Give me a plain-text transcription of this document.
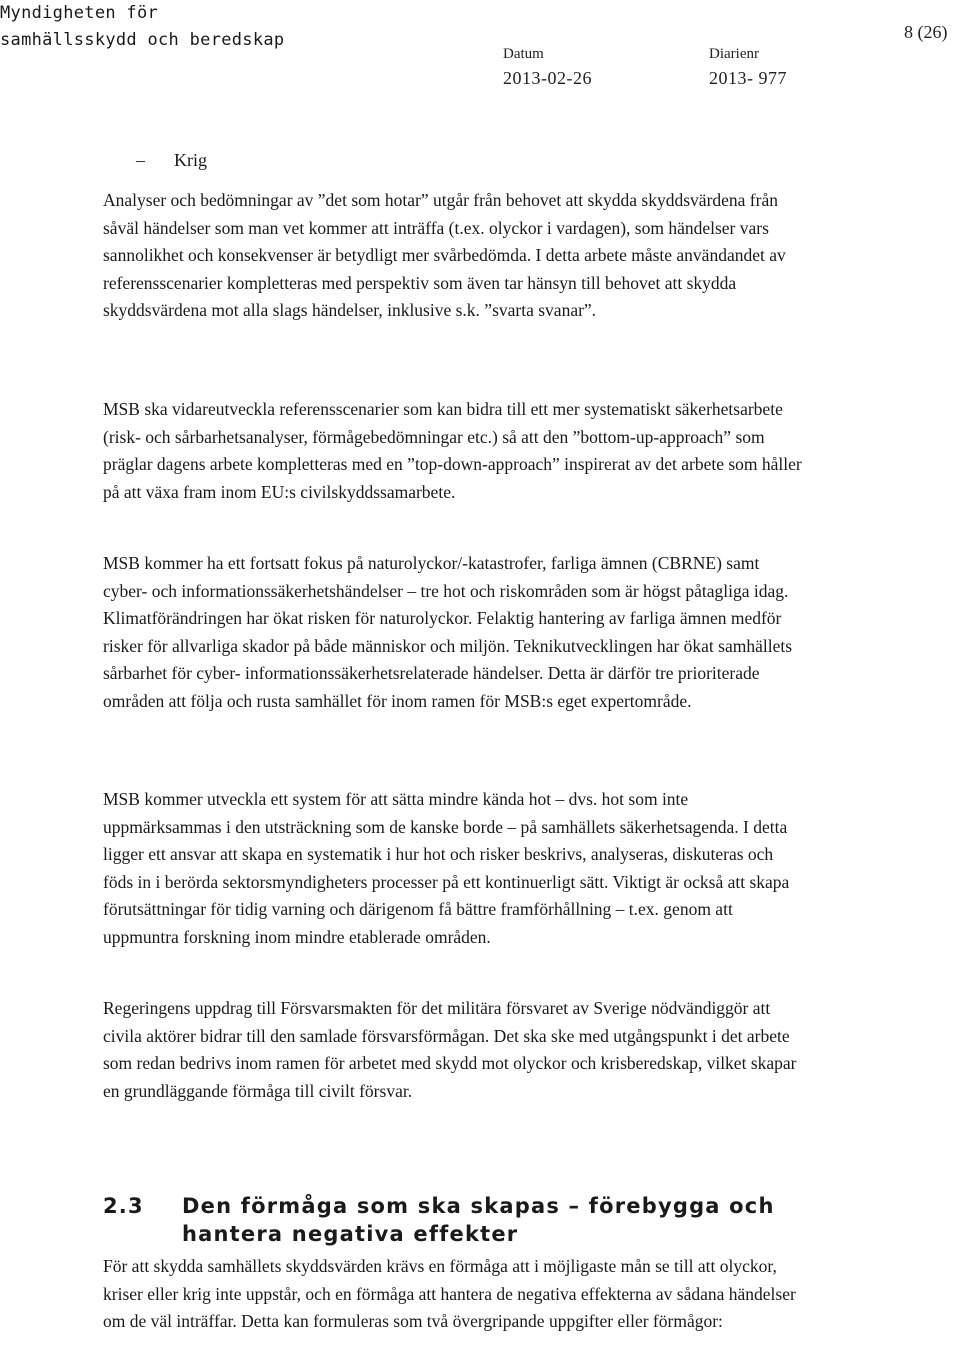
Myndigheten för
samhällsskydd och beredskap	8 (26)
Datum
2013-02-26
Diarienr
2013- 977
– Krig

Analyser och bedömningar av ”det som hotar” utgår från behovet att skydda skyddsvärdena från såväl händelser som man vet kommer att inträffa (t.ex. olyckor i vardagen), som händelser vars sannolikhet och konsekvenser är betydligt mer svårbedömda. I detta arbete måste användandet av referensscenarier kompletteras med perspektiv som även tar hänsyn till behovet att skydda skyddsvärdena mot alla slags händelser, inklusive s.k. ”svarta svanar”.

MSB ska vidareutveckla referensscenarier som kan bidra till ett mer systematiskt säkerhetsarbete (risk- och sårbarhetsanalyser, förmågebedömningar etc.) så att den ”bottom-up-approach” som präglar dagens arbete kompletteras med en ”top-down-approach” inspirerat av det arbete som håller på att växa fram inom EU:s civilskyddssamarbete.

MSB kommer ha ett fortsatt fokus på naturolyckor/-katastrofer, farliga ämnen (CBRNE) samt cyber- och informationssäkerhetshändelser – tre hot och riskområden som är högst påtagliga idag. Klimatförändringen har ökat risken för naturolyckor. Felaktig hantering av farliga ämnen medför risker för allvarliga skador på både människor och miljön. Teknikutvecklingen har ökat samhällets sårbarhet för cyber- informationssäkerhetsrelaterade händelser. Detta är därför tre prioriterade områden att följa och rusta samhället för inom ramen för MSB:s eget expertområde.

MSB kommer utveckla ett system för att sätta mindre kända hot – dvs. hot som inte uppmärksammas i den utsträckning som de kanske borde – på samhällets säkerhetsagenda. I detta ligger ett ansvar att skapa en systematik i hur hot och risker beskrivs, analyseras, diskuteras och föds in i berörda sektorsmyndigheters processer på ett kontinuerligt sätt. Viktigt är också att skapa förutsättningar för tidig varning och därigenom få bättre framförhållning – t.ex. genom att uppmuntra forskning inom mindre etablerade områden.

Regeringens uppdrag till Försvarsmakten för det militära försvaret av Sverige nödvändiggör att civila aktörer bidrar till den samlade försvarsförmågan. Det ska ske med utgångspunkt i det arbete som redan bedrivs inom ramen för arbetet med skydd mot olyckor och krisberedskap, vilket skapar en grundläggande förmåga till civilt försvar.

2.3	Den förmåga som ska skapas – förebygga och hantera negativa effekter

För att skydda samhällets skyddsvärden krävs en förmåga att i möjligaste mån se till att olyckor, kriser eller krig inte uppstår, och en förmåga att hantera de negativa effekterna av sådana händelser om de väl inträffar. Detta kan formuleras som två övergripande uppgifter eller förmågor:
